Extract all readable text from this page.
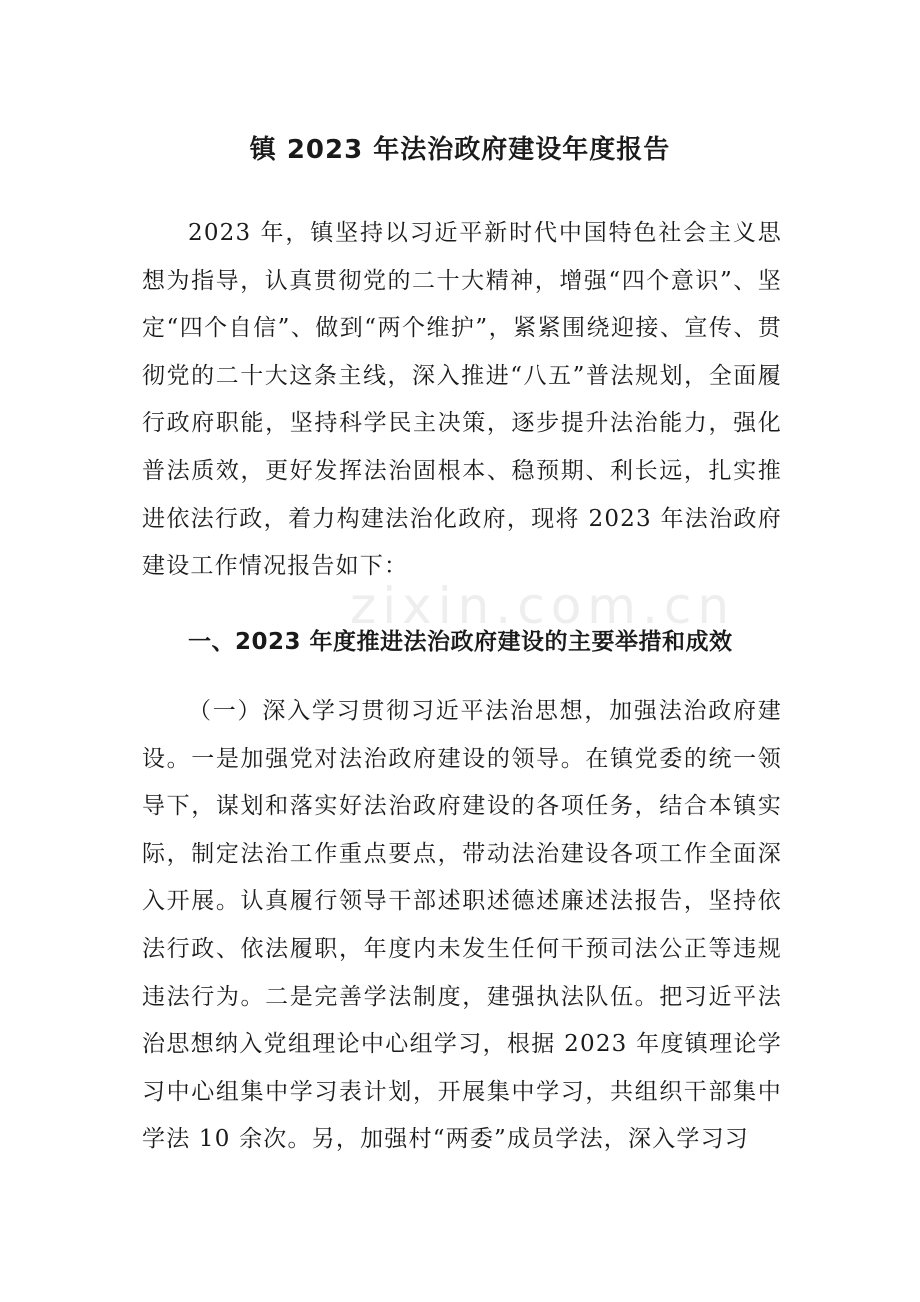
zixin.com.cn
镇 2023 年法治政府建设年度报告

2023 年，镇坚持以习近平新时代中国特色社会主义思想为指导，认真贯彻党的二十大精神，增强“四个意识”、坚定“四个自信”、做到“两个维护”，紧紧围绕迎接、宣传、贯彻党的二十大这条主线，深入推进“八五”普法规划，全面履行政府职能，坚持科学民主决策，逐步提升法治能力，强化普法质效，更好发挥法治固根本、稳预期、利长远，扎实推进依法行政，着力构建法治化政府，现将 2023 年法治政府建设工作情况报告如下：

一、2023 年度推进法治政府建设的主要举措和成效

（一）深入学习贯彻习近平法治思想，加强法治政府建设。一是加强党对法治政府建设的领导。在镇党委的统一领导下，谋划和落实好法治政府建设的各项任务，结合本镇实际，制定法治工作重点要点，带动法治建设各项工作全面深入开展。认真履行领导干部述职述德述廉述法报告，坚持依法行政、依法履职，年度内未发生任何干预司法公正等违规违法行为。二是完善学法制度，建强执法队伍。把习近平法治思想纳入党组理论中心组学习，根据 2023 年度镇理论学习中心组集中学习表计划，开展集中学习，共组织干部集中学法 10 余次。另，加强村“两委”成员学法，深入学习习
